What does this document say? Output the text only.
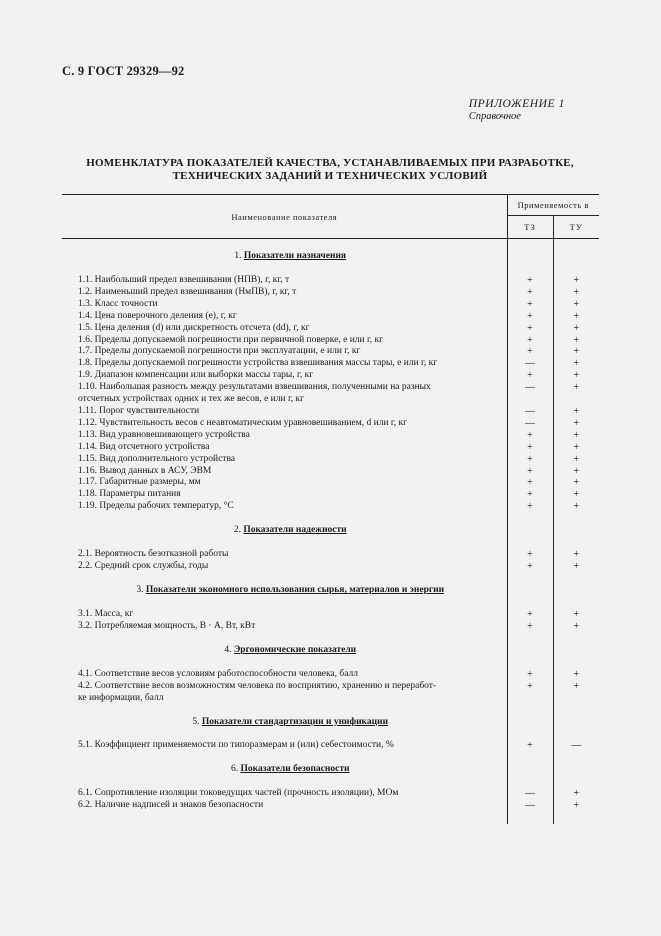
С. 9 ГОСТ 29329—92
ПРИЛОЖЕНИЕ 1
Справочное
НОМЕНКЛАТУРА ПОКАЗАТЕЛЕЙ КАЧЕСТВА, УСТАНАВЛИВАЕМЫХ ПРИ РАЗРАБОТКЕ,
ТЕХНИЧЕСКИХ ЗАДАНИЙ И ТЕХНИЧЕСКИХ УСЛОВИЙ
Наименование показателя	Применяемость в	
	ТЗ	ТУ
1. Показатели назначения		
1.1. Наибольший предел взвешивания (НПВ), г, кг, т	+	+
1.2. Наименьший предел взвешивания (НмПВ), г, кг, т	+	+
1.3. Класс точности	+	+
1.4. Цена поверочного деления (e), г, кг	+	+
1.5. Цена деления (d) или дискретность отсчета (dd), г, кг	+	+
1.6. Пределы допускаемой погрешности при первичной поверке, e или г, кг	+	+
1.7. Пределы допускаемой погрешности при эксплуатации, e или г, кг	+	+
1.8. Пределы допускаемой погрешности устройства взвешивания массы тары, e или г, кг	—	+
1.9. Диапазон компенсации или выборки массы тары, г, кг	+	+
1.10. Наибольшая разность между результатами взвешивания, полученными на разных	—	+
отсчетных устройствах одних и тех же весов, e или г, кг		
1.11. Порог чувствительности	—	+
1.12. Чувствительность весов с неавтоматическим уравновешиванием, d или г, кг	—	+
1.13. Вид уравновешивающего устройства	+	+
1.14. Вид отсчетного устройства	+	+
1.15. Вид дополнительного устройства	+	+
1.16. Вывод данных в АСУ, ЭВМ	+	+
1.17. Габаритные размеры, мм	+	+
1.18. Параметры питания	+	+
1.19. Пределы рабочих температур, °С	+	+
2. Показатели надежности		
2.1. Вероятность безотказной работы	+	+
2.2. Средний срок службы, годы	+	+
3. Показатели экономного использования сырья, материалов и энергии		
3.1. Масса, кг	+	+
3.2. Потребляемая мощность, В · А, Вт, кВт	+	+
4. Эргономические показатели		
4.1. Соответствие весов условиям работоспособности человека, балл	+	+
4.2. Соответствие весов возможностям человека по восприятию, хранению и переработ-	+	+
ке информации, балл		
5. Показатели стандартизации и унификации		
5.1. Коэффициент применяемости по типоразмерам и (или) себестоимости, %	+	—
6. Показатели безопасности		
6.1. Сопротивление изоляции токоведущих частей (прочность изоляции), МОм	—	+
6.2. Наличие надписей и знаков безопасности	—	+
